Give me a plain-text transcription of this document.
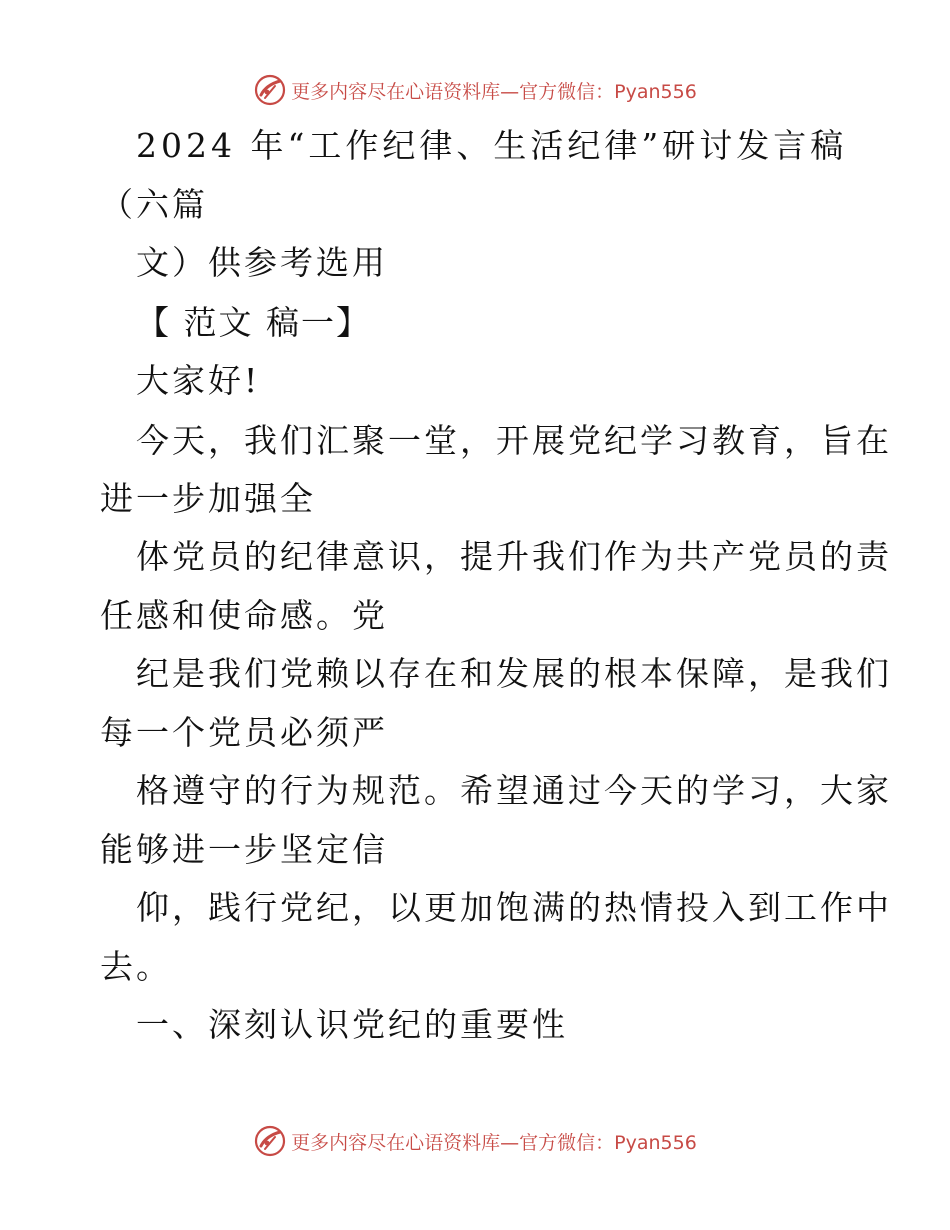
更多内容尽在心语资料库— 官方微信：Pyan556
2024 年“工作纪律、生活纪律”研讨发言稿
（六篇
文）供参考选用
【 范文 稿一】
大家好!
今天，我们汇聚一堂，开展党纪学习教育，旨在
进一步加强全
体党员的纪律意识，提升我们作为共产党员的责
任感和使命感。党
纪是我们党赖以存在和发展的根本保障，是我们
每一个党员必须严
格遵守的行为规范。希望通过今天的学习，大家
能够进一步坚定信
仰，践行党纪，以更加饱满的热情投入到工作中
去。
一、深刻认识党纪的重要性
更多内容尽在心语资料库— 官方微信：Pyan556
